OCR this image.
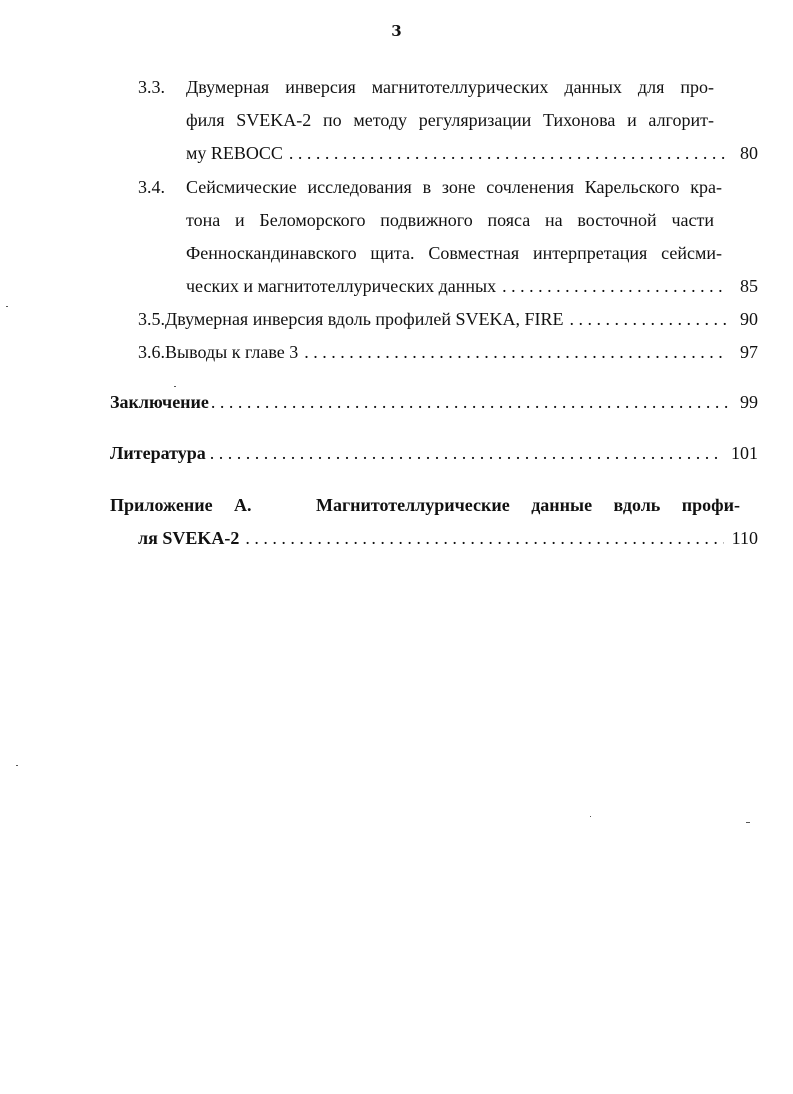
3
3.3.	Двумерная инверсия магнитотеллурических данных для про-
филя SVEKA-2 по методу регуляризации Тихонова и алгорит-
му REBOCC . . .	80
3.4.	Сейсмические исследования в зоне сочленения Карельского кра-
тона и Беломорского подвижного пояса на восточной части
Фенноскандинавского щита. Совместная интерпретация сейсми-
ческих и магнитотеллурических данных . . .	85
3.5. Двумерная инверсия вдоль профилей SVEKA, FIRE . . .	90
3.6. Выводы к главе 3 . . .	97
Заключение . . .	99
Литература . . .	101
Приложение А.   Магнитотеллурические данные вдоль профи-
ля SVEKA-2 . . .	110
